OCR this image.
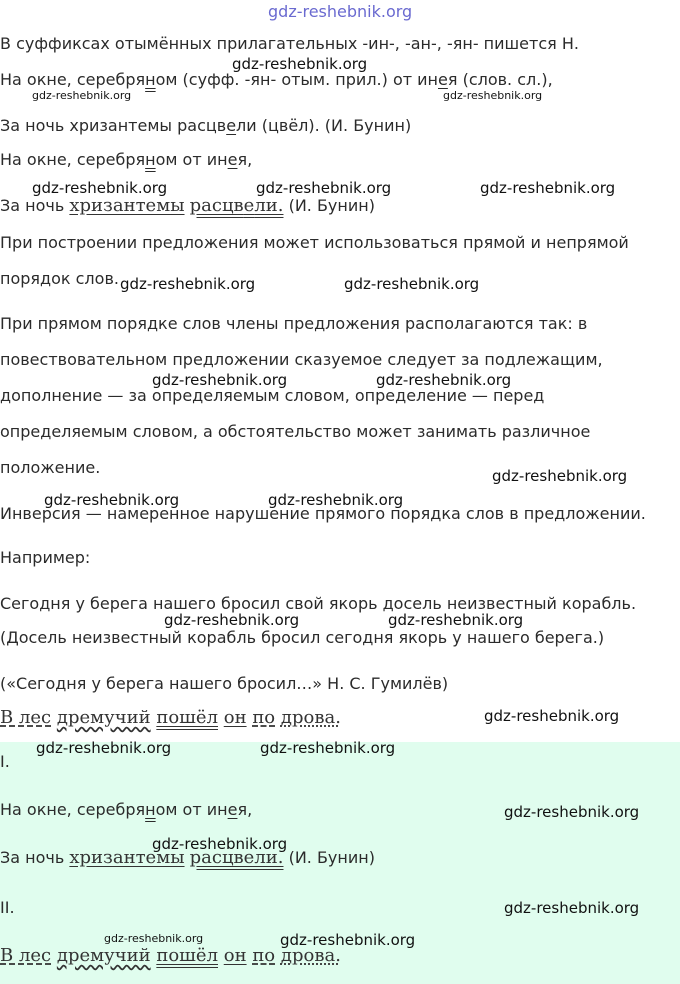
gdz-reshebnik.org
В суффиксах отымённых прилагательных -ин-, -ан-, -ян- пишется Н.
На окне, серебряном (суфф. -ян- отым. прил.) от инея (слов. сл.),
За ночь хризантемы расцвели (цвёл). (И. Бунин)
На окне, серебряном от инея,
За ночь хризантемы расцвели. (И. Бунин)
При построении предложения может использоваться прямой и непрямой
порядок слов.
При прямом порядке слов члены предложения располагаются так: в
повествовательном предложении сказуемое следует за подлежащим,
дополнение — за определяемым словом, определение — перед
определяемым словом, а обстоятельство может занимать различное
положение.
Инверсия — намеренное нарушение прямого порядка слов в предложении.
Например:
Сегодня у берега нашего бросил свой якорь досель неизвестный корабль.
(Досель неизвестный корабль бросил сегодня якорь у нашего берега.)
(«Сегодня у берега нашего бросил…» Н. С. Гумилёв)
В лес дремучий пошёл он по дрова.
I.
На окне, серебряном от инея,
За ночь хризантемы расцвели. (И. Бунин)
II.
В лес дремучий пошёл он по дрова.
gdz-reshebnik.org
gdz-reshebnik.org	gdz-reshebnik.org
gdz-reshebnik.org	gdz-reshebnik.org	gdz-reshebnik.org
gdz-reshebnik.org	gdz-reshebnik.org
gdz-reshebnik.org	gdz-reshebnik.org
gdz-reshebnik.org
gdz-reshebnik.org	gdz-reshebnik.org
gdz-reshebnik.org	gdz-reshebnik.org
gdz-reshebnik.org
gdz-reshebnik.org	gdz-reshebnik.org
gdz-reshebnik.org
gdz-reshebnik.org
gdz-reshebnik.org
gdz-reshebnik.org	gdz-reshebnik.org
